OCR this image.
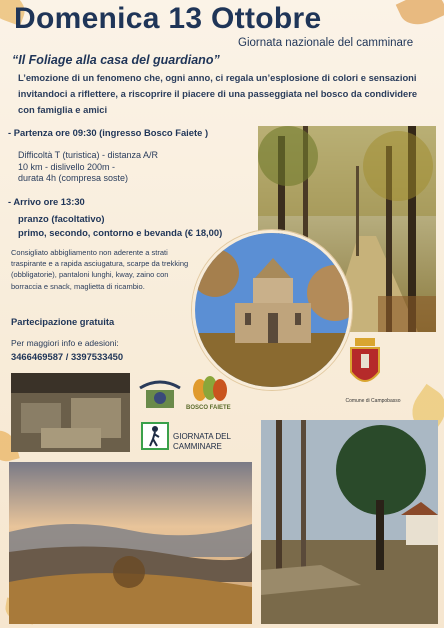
Domenica 13 Ottobre
Giornata nazionale del camminare
“Il Foliage alla casa del guardiano”
L’emozione di un fenomeno che, ogni anno, ci regala un’esplosione di colori e sensazioni invitandoci a riflettere, a riscoprire il piacere di una passeggiata nel bosco da condividere con famiglia e amici
- Partenza ore 09:30 (ingresso Bosco Faiete )
Difficoltà T (turistica) - distanza A/R
10 km - dislivello 200m -
durata 4h (compresa soste)
- Arrivo ore 13:30
pranzo (facoltativo)
primo, secondo, contorno e bevanda (€ 18,00)
Consigliato abbigliamento non aderente a strati traspirante e a rapida asciugatura, scarpe da trekking (obbligatorie), pantaloni lunghi, kway, zaino con borraccia e snack, maglietta di ricambio.
Partecipazione gratuita
Per maggiori info e adesioni:
3466469587 / 3397533450
Comune di Campobasso
BOSCO FAIETE
GIORNATA DEL
CAMMINARE
